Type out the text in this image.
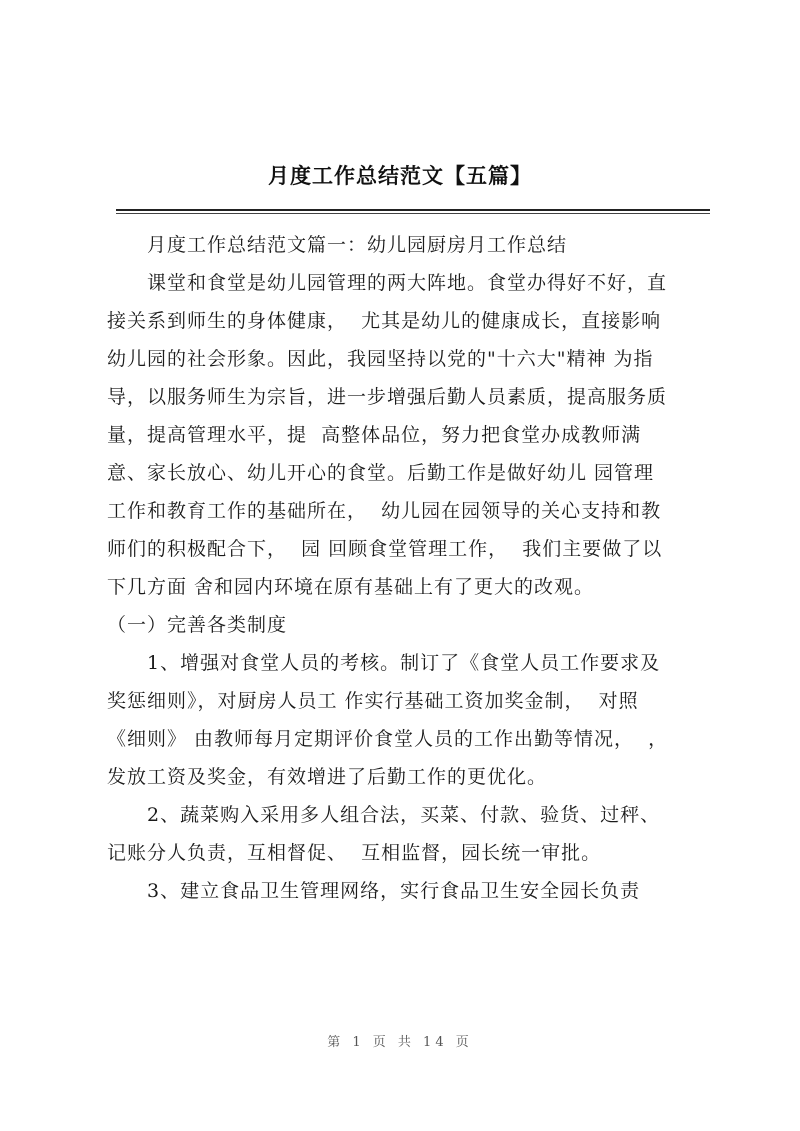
月度工作总结范文【五篇】
月度工作总结范文篇一：幼儿园厨房月工作总结
课堂和食堂是幼儿园管理的两大阵地。食堂办得好不好，直
接关系到师生的身体健康，  尤其是幼儿的健康成长，直接影响
幼儿园的社会形象。因此，我园坚持以党的"十六大"精神 为指
导，以服务师生为宗旨，进一步增强后勤人员素质，提高服务质
量，提高管理水平，提  高整体品位，努力把食堂办成教师满
意、家长放心、幼儿开心的食堂。后勤工作是做好幼儿 园管理
工作和教育工作的基础所在，  幼儿园在园领导的关心支持和教
师们的积极配合下，  园 回顾食堂管理工作，  我们主要做了以
下几方面 舍和园内环境在原有基础上有了更大的改观。
（一）完善各类制度
1、增强对食堂人员的考核。制订了《食堂人员工作要求及
奖惩细则》，对厨房人员工 作实行基础工资加奖金制，  对照
《细则》 由教师每月定期评价食堂人员的工作出勤等情况，  ，
发放工资及奖金，有效增进了后勤工作的更优化。
2、蔬菜购入采用多人组合法，买菜、付款、验货、过秤、
记账分人负责，互相督促、  互相监督，园长统一审批。
3、建立食品卫生管理网络，实行食品卫生安全园长负责
第 1 页 共 14 页
